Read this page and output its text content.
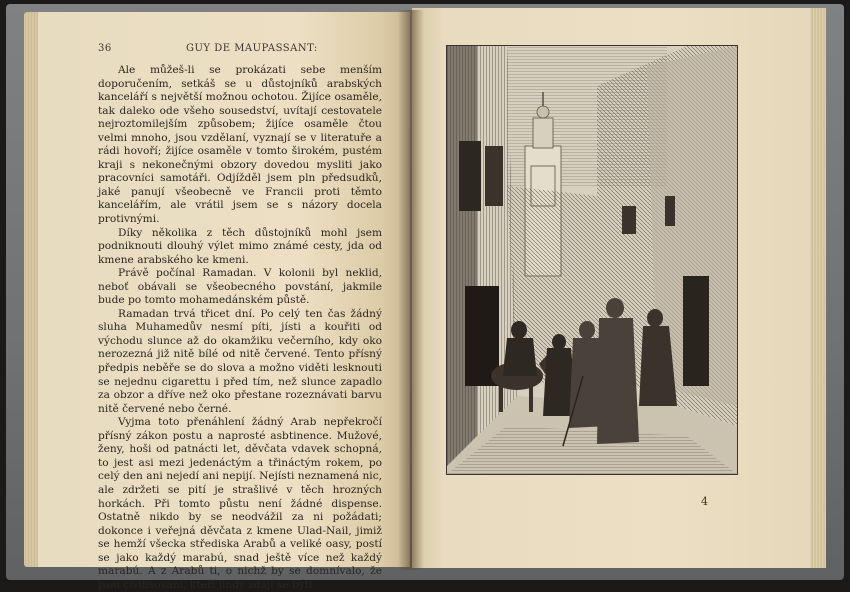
36	GUY DE MAUPASSANT:

Ale můžeš-li se prokázati sebe menším doporučením, setkáš se u důstojníků arabských kanceláří s největší možnou ochotou. Žijíce osaměle, tak daleko ode všeho sousedství, uvítají cestovatele nejroztomilejším způsobem; žijíce osaměle čtou velmi mnoho, jsou vzdělaní, vyznají se v literatuře a rádi hovoří; žijíce osaměle v tomto širokém, pustém kraji s nekonečnými obzory dovedou mysliti jako pracovníci samotáři. Odjížděl jsem pln předsudků, jaké panují všeobecně ve Francii proti těmto kancelářím, ale vrátil jsem se s názory docela protivnými.

Díky několika z těch důstojníků mohl jsem podniknouti dlouhý výlet mimo známé cesty, jda od kmene arabského ke kmeni.

Právě počínal Ramadan. V kolonii byl neklid, neboť obávali se všeobecného povstání, jakmile bude po tomto mohamedánském půstě.

Ramadan trvá třicet dní. Po celý ten čas žádný sluha Muhamedův nesmí píti, jísti a kouřiti od východu slunce až do okamžiku večerního, kdy oko nerozezná již nitě bílé od nitě červené. Tento přísný předpis neběře se do slova a možno viděti lesknouti se nejednu cigarettu i před tím, než slunce zapadlo za obzor a dříve než oko přestane rozeznávati barvu nitě červené nebo černé.

Vyjma toto přenáhlení žádný Arab nepřekročí přísný zákon postu a naprosté asbtinence. Mužové, ženy, hoši od patnácti let, děvčata vdavek schopná, to jest asi mezi jedenáctým a třináctým rokem, po celý den ani nejedí ani nepijí. Nejísti neznamená nic, ale zdržeti se pití je strašlivé v těch hrozných horkách. Při tomto půstu není žádné dispense. Ostatně nikdo by se neodvážil za ni požádati; dokonce i veřejná děvčata z kmene Ulad-Nail, jimiž se hemží všecka střediska Arabů a veliké oasy, postí se jako každý marabú, snad ještě více než každý marabú. A z Arabů ti, o nichž by se domnívalo, že jsou civilisovaní, kteří jindy zdají se býti

4
